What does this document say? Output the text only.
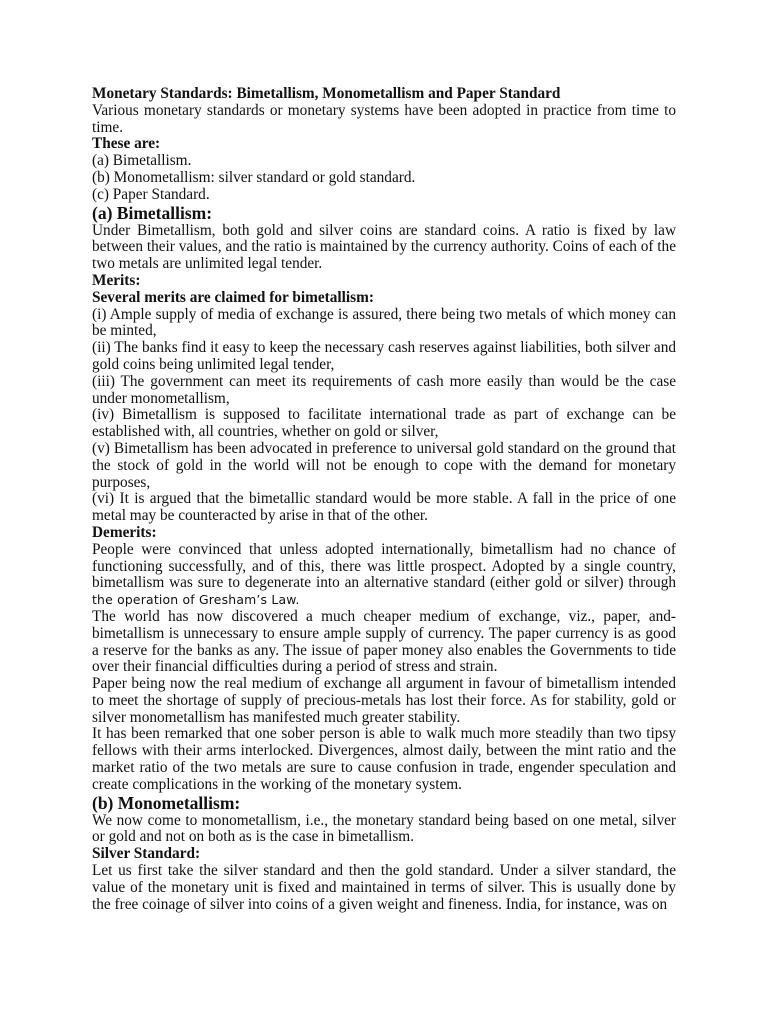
Monetary Standards: Bimetallism, Monometallism and Paper Standard

Various monetary standards or monetary systems have been adopted in practice from time to time.

These are:

(a) Bimetallism.

(b) Monometallism: silver standard or gold standard.

(c) Paper Standard.

(a) Bimetallism:

Under Bimetallism, both gold and silver coins are standard coins. A ratio is fixed by law between their values, and the ratio is maintained by the currency authority. Coins of each of the two metals are unlimited legal tender.

Merits:

Several merits are claimed for bimetallism:

(i) Ample supply of media of exchange is assured, there being two metals of which money can be minted,

(ii) The banks find it easy to keep the necessary cash reserves against liabilities, both silver and gold coins being unlimited legal tender,

(iii) The government can meet its requirements of cash more easily than would be the case under monometallism,

(iv) Bimetallism is supposed to facilitate international trade as part of exchange can be established with, all countries, whether on gold or silver,

(v) Bimetallism has been advocated in preference to universal gold standard on the ground that the stock of gold in the world will not be enough to cope with the demand for monetary purposes,

(vi) It is argued that the bimetallic standard would be more stable. A fall in the price of one metal may be counteracted by arise in that of the other.

Demerits:

People were convinced that unless adopted internationally, bimetallism had no chance of functioning successfully, and of this, there was little prospect. Adopted by a single country, bimetallism was sure to degenerate into an alternative standard (either gold or silver) through the operation of Gresham’s Law.

The world has now discovered a much cheaper medium of exchange, viz., paper, and-bimetallism is unnecessary to ensure ample supply of currency. The paper currency is as good a reserve for the banks as any. The issue of paper money also enables the Governments to tide over their financial difficulties during a period of stress and strain.

Paper being now the real medium of exchange all argument in favour of bimetallism intended to meet the shortage of supply of precious-metals has lost their force. As for stability, gold or silver monometallism has manifested much greater stability.

It has been remarked that one sober person is able to walk much more steadily than two tipsy fellows with their arms interlocked. Divergences, almost daily, between the mint ratio and the market ratio of the two metals are sure to cause confusion in trade, engender speculation and create complications in the working of the monetary system.

(b) Monometallism:

We now come to monometallism, i.e., the monetary standard being based on one metal, silver or gold and not on both as is the case in bimetallism.

Silver Standard:

Let us first take the silver standard and then the gold standard. Under a silver standard, the value of the monetary unit is fixed and maintained in terms of silver. This is usually done by the free coinage of silver into coins of a given weight and fineness. India, for instance, was on
